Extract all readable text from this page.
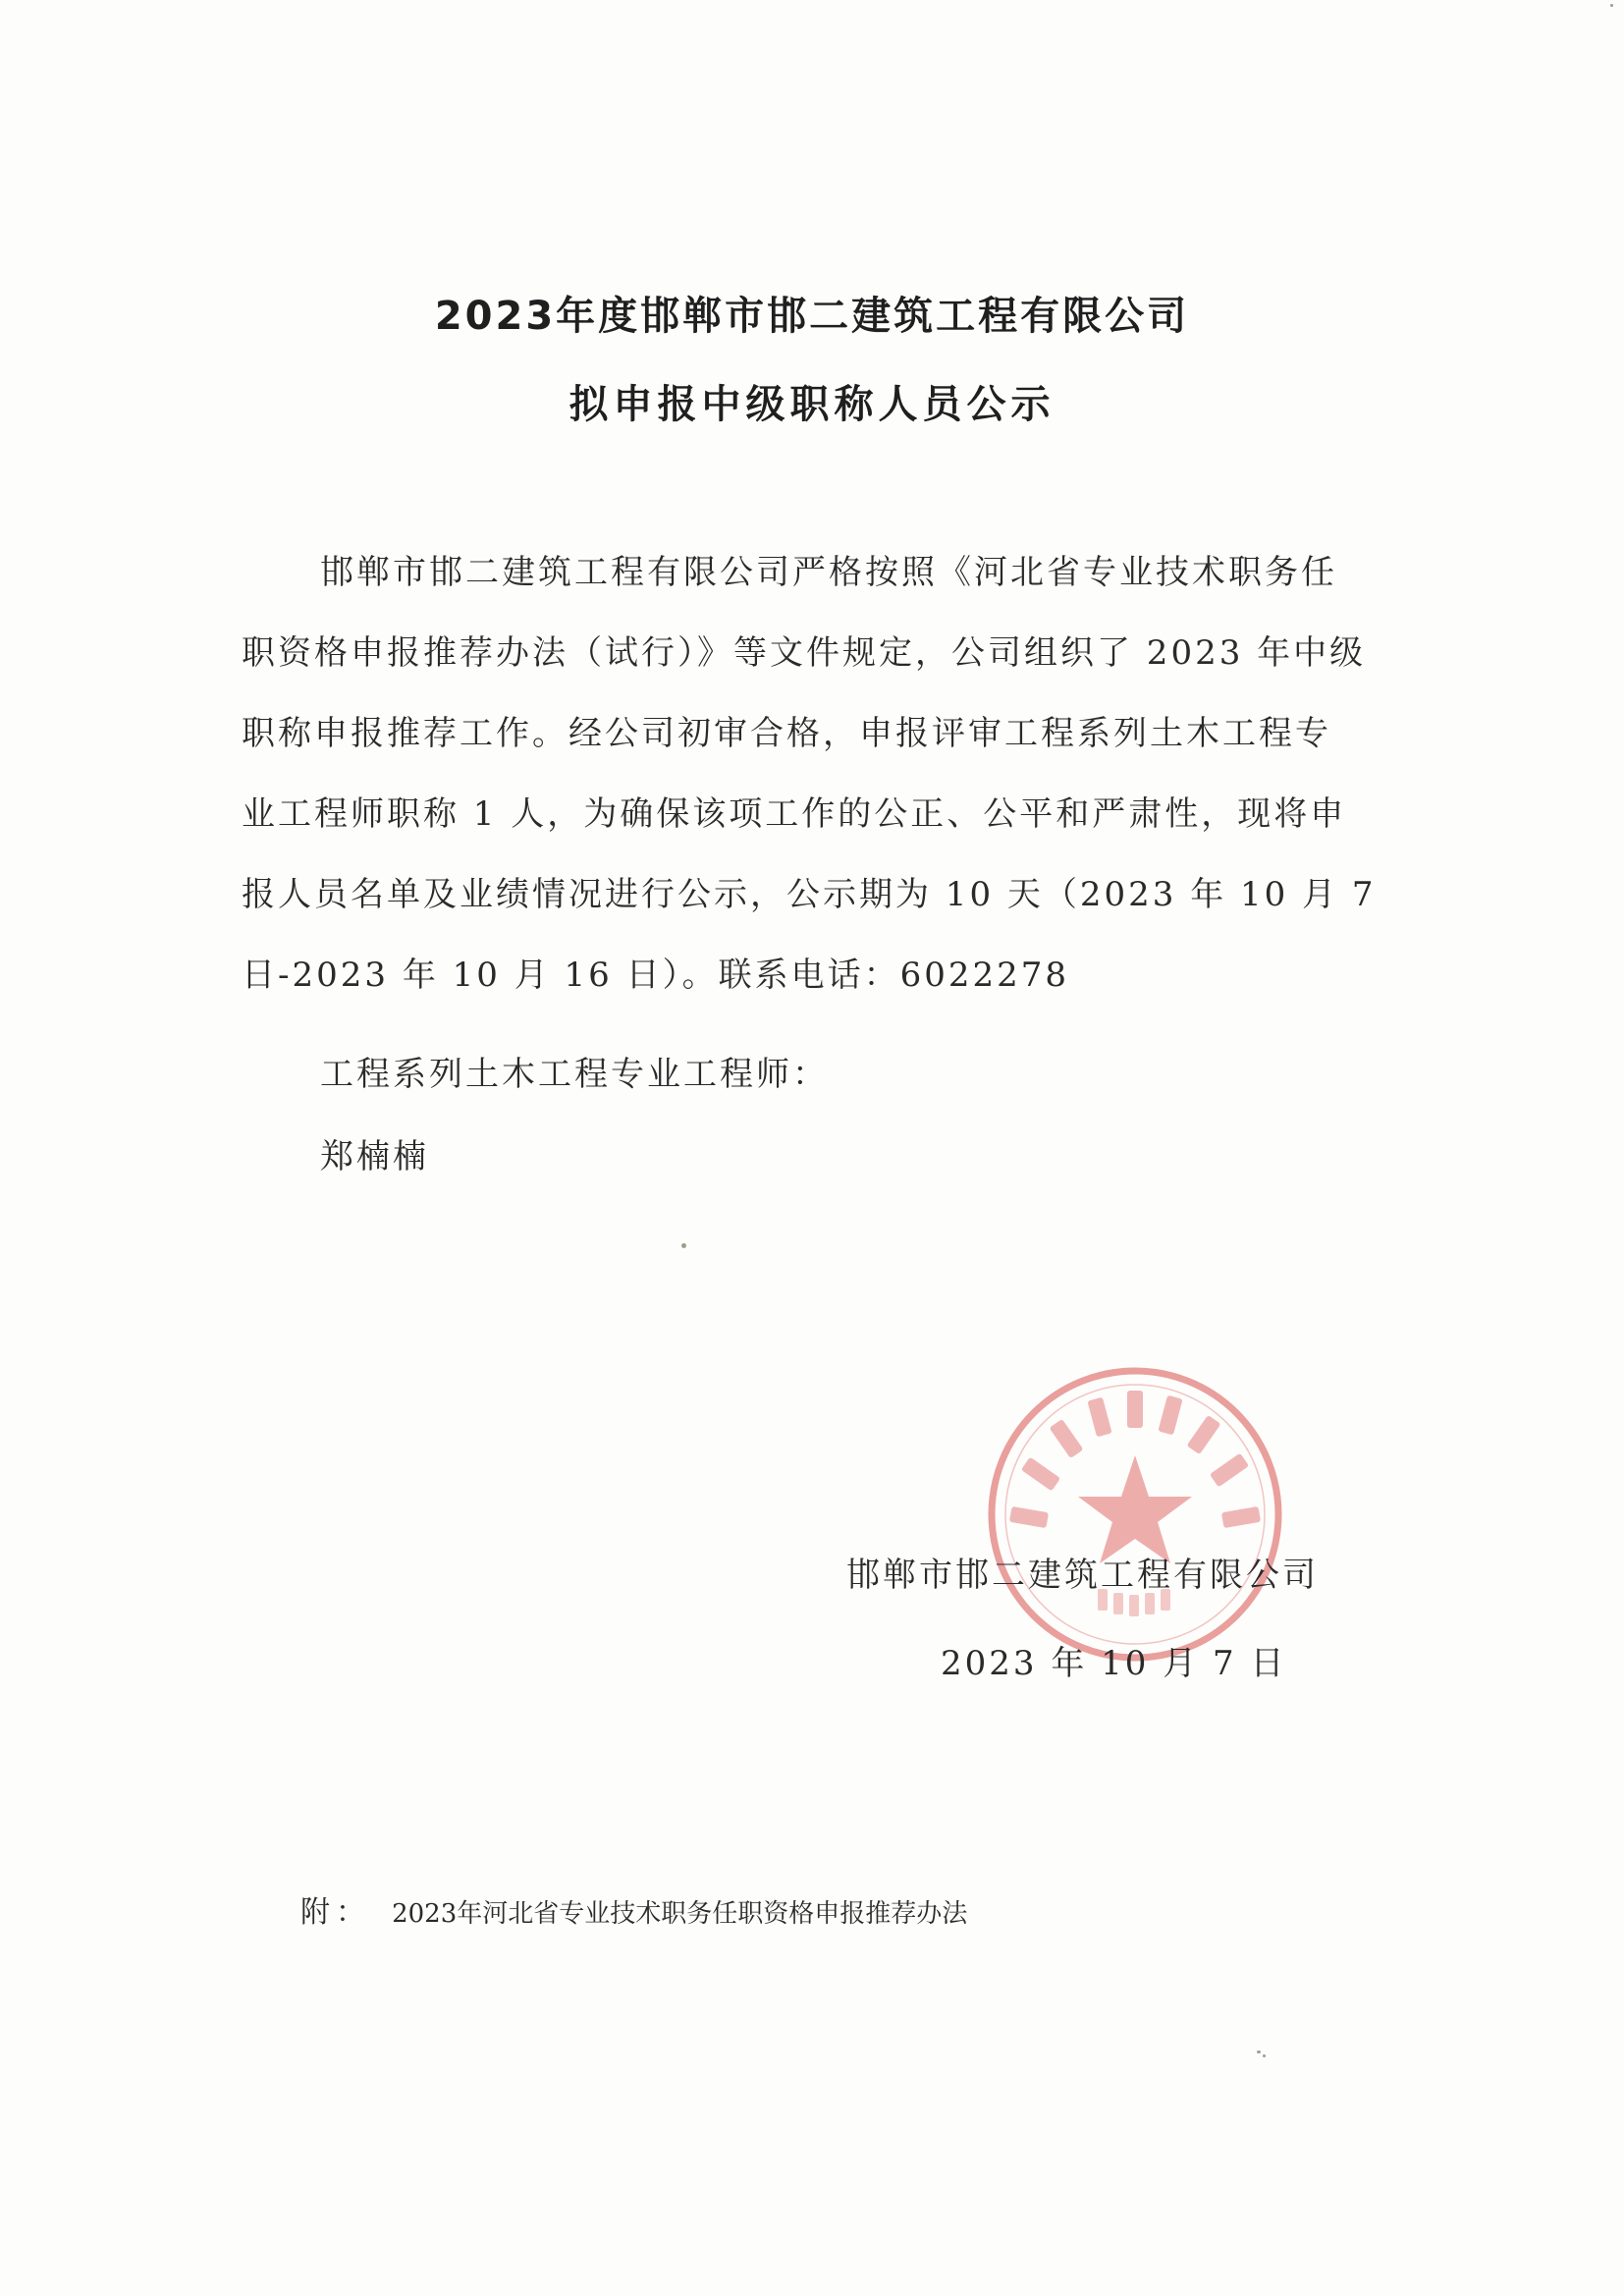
2023年度邯郸市邯二建筑工程有限公司
拟申报中级职称人员公示
邯郸市邯二建筑工程有限公司严格按照《河北省专业技术职务任
职资格申报推荐办法（试行）》等文件规定，公司组织了 2023 年中级
职称申报推荐工作。经公司初审合格，申报评审工程系列土木工程专
业工程师职称 1 人，为确保该项工作的公正、公平和严肃性，现将申
报人员名单及业绩情况进行公示，公示期为 10 天（2023 年 10 月 7
日-2023 年 10 月 16 日）。联系电话：6022278
工程系列土木工程专业工程师：
郑楠楠
邯郸市邯二建筑工程有限公司
2023 年 10 月 7 日
附： 2023年河北省专业技术职务任职资格申报推荐办法
